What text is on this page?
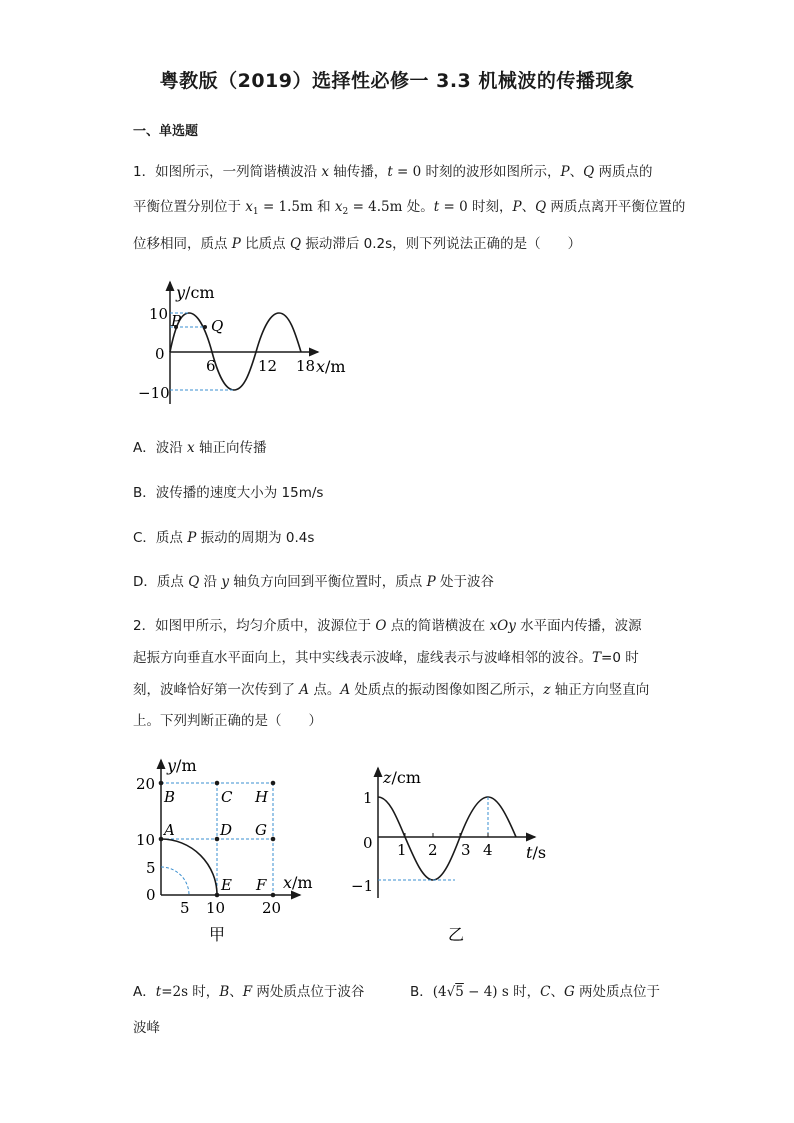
粤教版（2019）选择性必修一 3.3 机械波的传播现象
一、单选题
1．如图所示，一列简谐横波沿 x 轴传播，t = 0 时刻的波形如图所示，P、Q 两质点的
平衡位置分别位于 $x_1 = 1.5m$ 和 $x_2 = 4.5m$ 处。t = 0 时刻，P、Q 两质点离开平衡位置的
位移相同，质点 P 比质点 Q 振动滞后 0.2s，则下列说法正确的是（　　）
y/cm
x/m
10
0
−10
6	12 18
P Q
A．波沿 x 轴正向传播
B．波传播的速度大小为 15m/s
C．质点 P 振动的周期为 0.4s
D．质点 Q 沿 y 轴负方向回到平衡位置时，质点 P 处于波谷
2．如图甲所示，均匀介质中，波源位于 O 点的简谐横波在 xOy 水平面内传播，波源
起振方向垂直水平面向上，其中实线表示波峰，虚线表示与波峰相邻的波谷。T=0 时
刻，波峰恰好第一次传到了 A 点。A 处质点的振动图像如图乙所示，z 轴正方向竖直向
上。下列判断正确的是（　　）
y/m
x/m
20
10
5
0
5 10 20
B	C H
A	D G
E F
甲
z/cm
t/s
1
0
−1
1 2 3 4
乙
A．t=2s 时，B、F 两处质点位于波谷	B．(4√5 − 4) s 时，C、G 两处质点位于
波峰
